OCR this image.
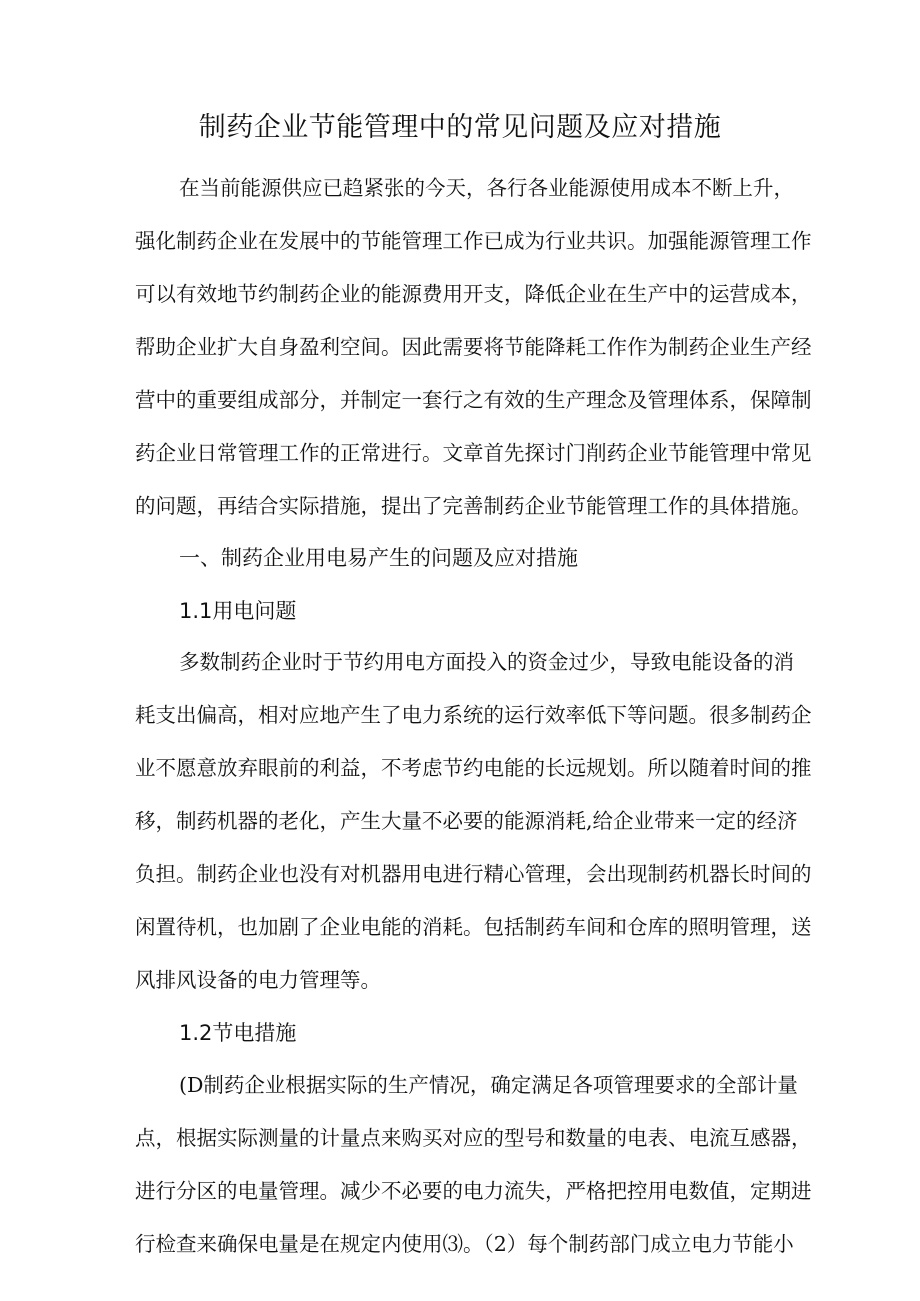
制药企业节能管理中的常见问题及应对措施
在当前能源供应已趋紧张的今天，各行各业能源使用成本不断上升，
强化制药企业在发展中的节能管理工作已成为行业共识。加强能源管理工作
可以有效地节约制药企业的能源费用开支，降低企业在生产中的运营成本，
帮助企业扩大自身盈利空间。因此需要将节能降耗工作作为制药企业生产经
营中的重要组成部分，并制定一套行之有效的生产理念及管理体系，保障制
药企业日常管理工作的正常进行。文章首先探讨门削药企业节能管理中常见
的问题，再结合实际措施，提出了完善制药企业节能管理工作的具体措施。
一、制药企业用电易产生的问题及应对措施
1.1用电问题
多数制药企业时于节约用电方面投入的资金过少，导致电能设备的消
耗支出偏高，相对应地产生了电力系统的运行效率低下等问题。很多制药企
业不愿意放弃眼前的利益，不考虑节约电能的长远规划。所以随着时间的推
移，制药机器的老化，产生大量不必要的能源消耗,给企业带来一定的经济
负担。制药企业也没有对机器用电进行精心管理，会出现制药机器长时间的
闲置待机，也加剧了企业电能的消耗。包括制药车间和仓库的照明管理，送
风排风设备的电力管理等。
1.2节电措施
(D制药企业根据实际的生产情况，确定满足各项管理要求的全部计量
点，根据实际测量的计量点来购买对应的型号和数量的电表、电流互感器，
进行分区的电量管理。减少不必要的电力流失，严格把控用电数值，定期进
行检查来确保电量是在规定内使用⑶。（2）每个制药部门成立电力节能小
